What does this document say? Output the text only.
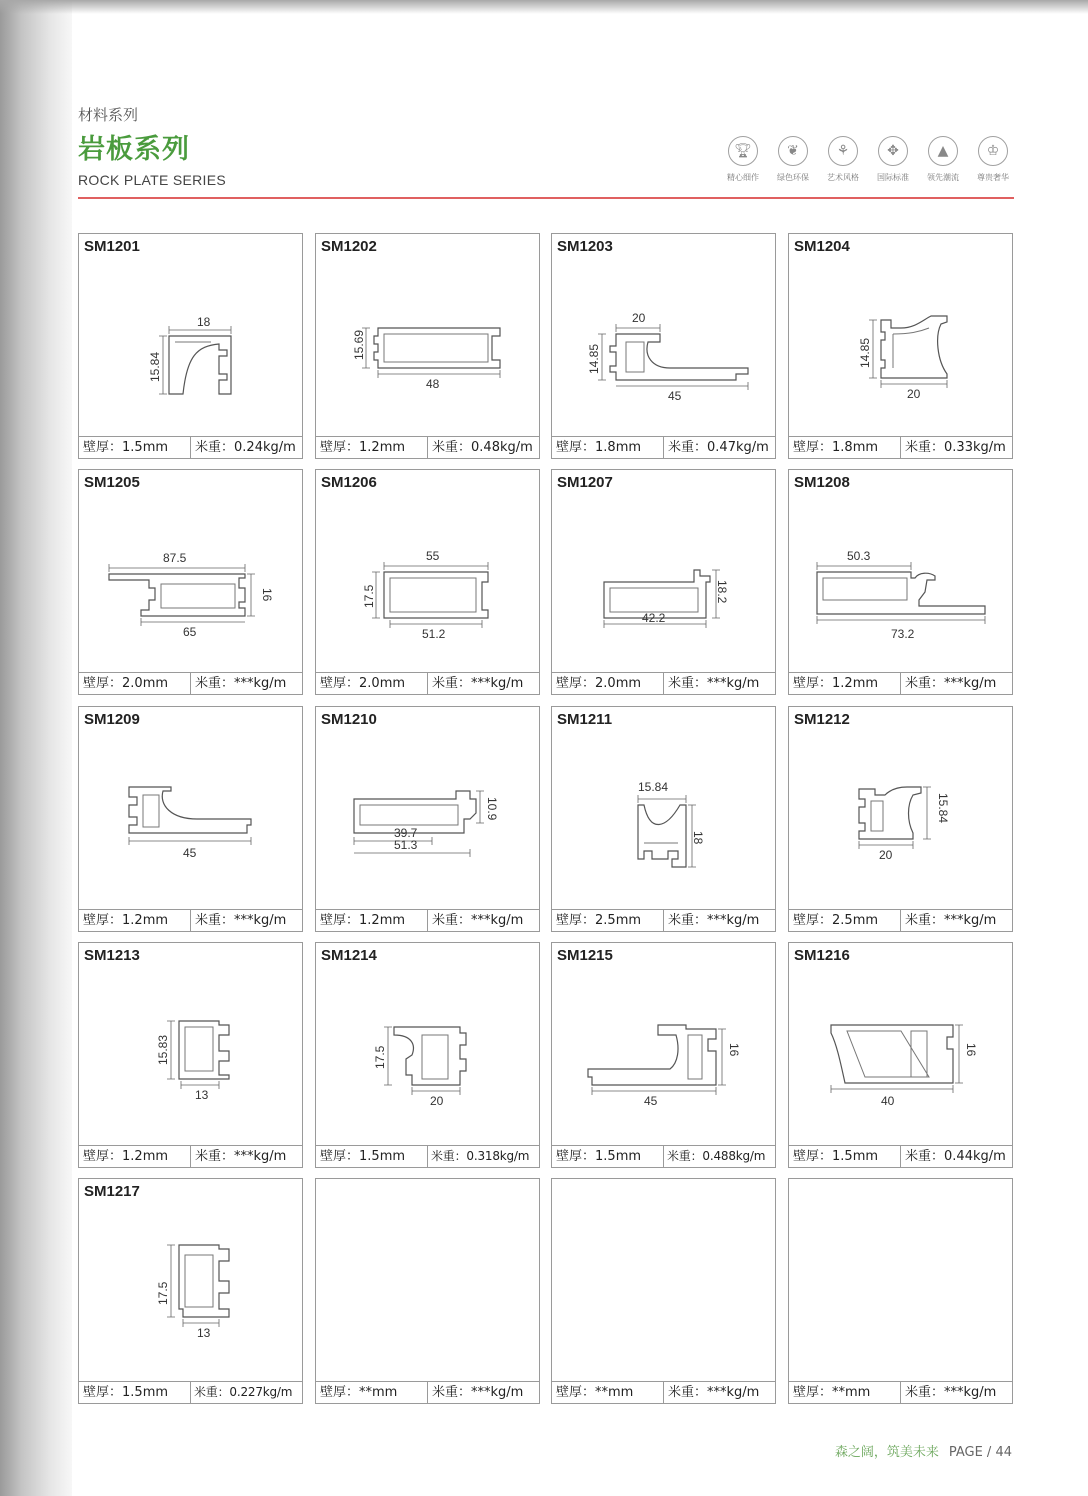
材料系列
岩板系列
ROCK PLATE SERIES
🏆︎
精心细作
❦
绿色环保
⚘
艺术风格
✥
国际标准
▲
领先潮流
♔
尊贵奢华
SM1201
18
15.84
壁厚：1.5mm	米重：0.24kg/m
SM1202
15.69
48
壁厚：1.2mm	米重：0.48kg/m
SM1203
20
14.85
45
壁厚：1.8mm	米重：0.47kg/m
SM1204
14.85
20
壁厚：1.8mm	米重：0.33kg/m
SM1205
87.5
16
65
壁厚：2.0mm	米重：***kg/m
SM1206
55
17.5
51.2
壁厚：2.0mm	米重：***kg/m
SM1207
18.2
42.2
壁厚：2.0mm	米重：***kg/m
SM1208
50.3
73.2
壁厚：1.2mm	米重：***kg/m
SM1209
45
壁厚：1.2mm	米重：***kg/m
SM1210
10.9
39.7
51.3
壁厚：1.2mm	米重：***kg/m
SM1211
15.84
18
壁厚：2.5mm	米重：***kg/m
SM1212
15.84
20
壁厚：2.5mm	米重：***kg/m
SM1213
15.83
13
壁厚：1.2mm	米重：***kg/m
SM1214
17.5
20
壁厚：1.5mm	米重：0.318kg/m
SM1215
16
45
壁厚：1.5mm	米重：0.488kg/m
SM1216
16
40
壁厚：1.5mm	米重：0.44kg/m
SM1217
17.5
13
壁厚：1.5mm	米重：0.227kg/m	壁厚：**mm	米重：***kg/m	壁厚：**mm	米重：***kg/m	壁厚：**mm	米重：***kg/m
森之阔，筑美未来 PAGE / 44
